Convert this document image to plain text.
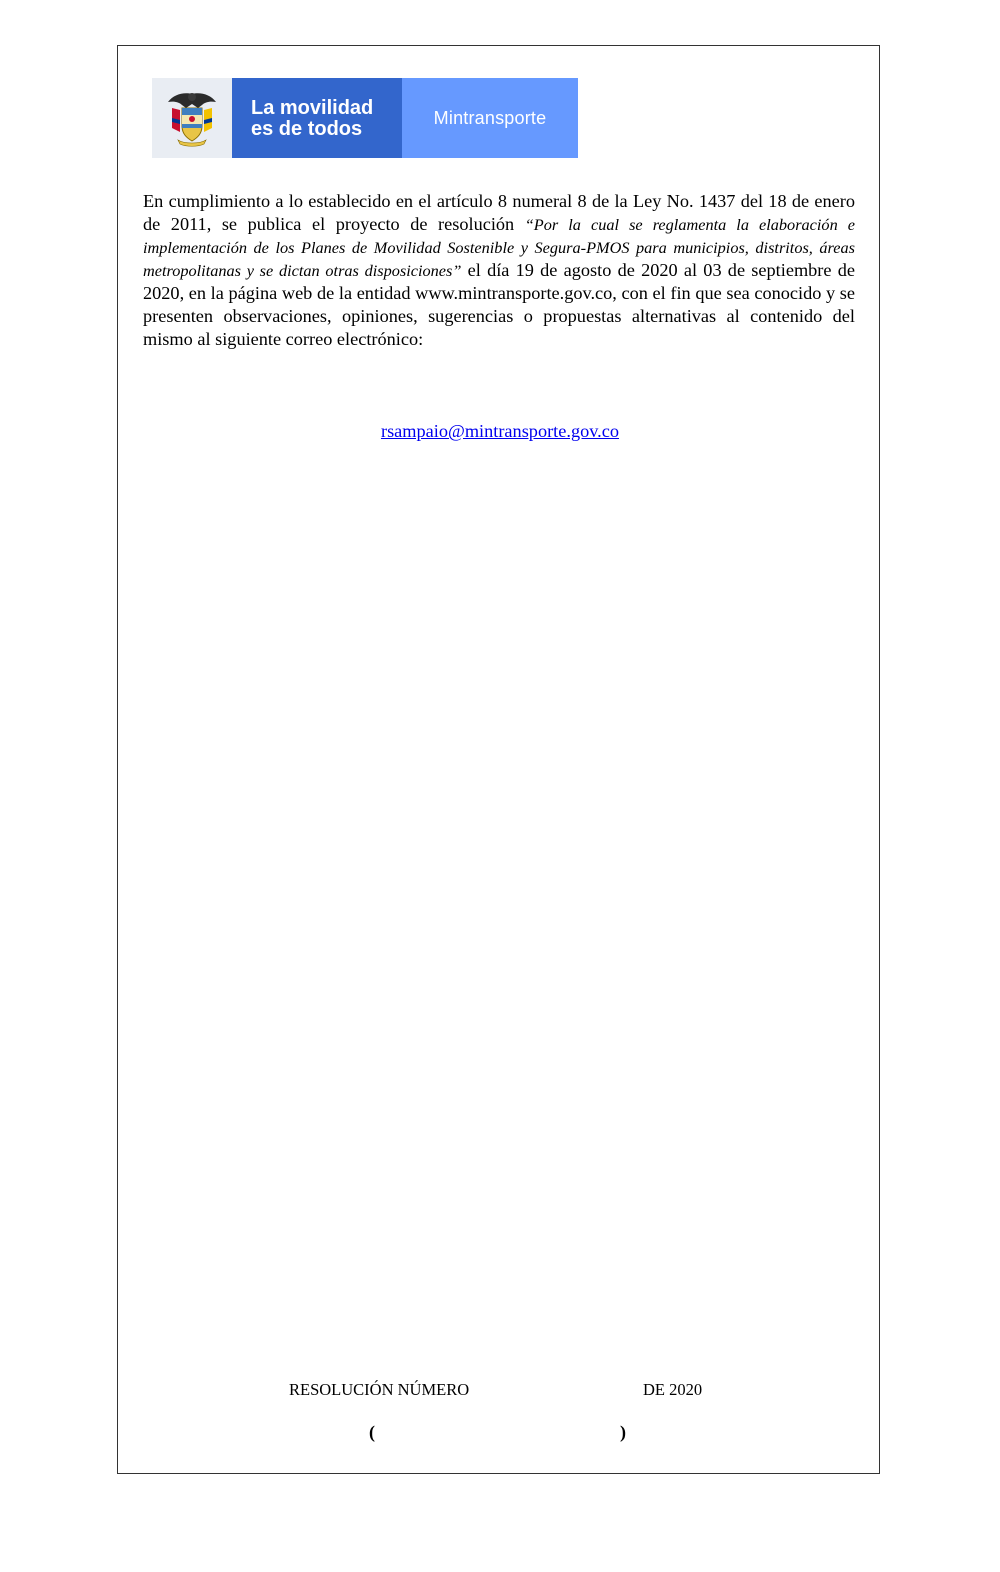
La movilidad
es de todos
Mintransporte
En cumplimiento a lo establecido en el artículo 8 numeral 8 de la Ley No. 1437 del 18 de enero de 2011, se publica el proyecto de resolución “Por la cual se reglamenta la elaboración e implementación de los Planes de Movilidad Sostenible y Segura-PMOS para municipios, distritos, áreas metropolitanas y se dictan otras disposiciones” el día 19 de agosto de 2020 al 03 de septiembre de 2020, en la página web de la entidad www.mintransporte.gov.co, con el fin que sea conocido y se presenten observaciones, opiniones, sugerencias o propuestas alternativas al contenido del mismo al siguiente correo electrónico:
rsampaio@mintransporte.gov.co
RESOLUCIÓN NÚMERO	DE 2020
(	)
